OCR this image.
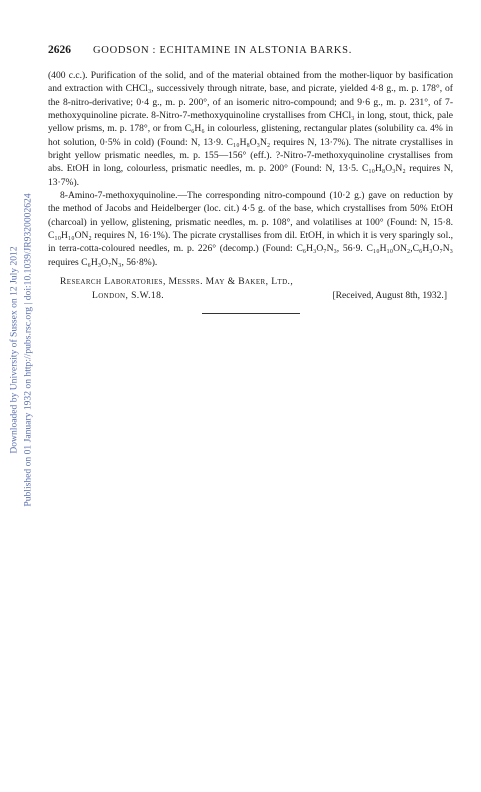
Downloaded by University of Sussex on 12 July 2012 Published on 01 January 1932 on http://pubs.rsc.org | doi:10.1039/JR9320002624
2626 GOODSON : ECHITAMINE IN ALSTONIA BARKS.

(400 c.c.). Purification of the solid, and of the material obtained from the mother-liquor by basification and extraction with CHCl₃, successively through nitrate, base, and picrate, yielded 4·8 g., m. p. 178°, of the 8-nitro-derivative; 0·4 g., m. p. 200°, of an isomeric nitro-compound; and 9·6 g., m. p. 231°, of 7-methoxyquinoline picrate. 8-Nitro-7-methoxyquinoline crystallises from CHCl₃ in long, stout, thick, pale yellow prisms, m. p. 178°, or from C₆H₆ in colourless, glistening, rectangular plates (solubility ca. 4% in hot solution, 0·5% in cold) (Found: N, 13·9. C₁₀H₈O₃N₂ requires N, 13·7%). The nitrate crystallises in bright yellow prismatic needles, m. p. 155—156° (eff.). ?-Nitro-7-methoxyquinoline crystallises from abs. EtOH in long, colourless, prismatic needles, m. p. 200° (Found: N, 13·5. C₁₀H₈O₃N₂ requires N, 13·7%).

8-Amino-7-methoxyquinoline.—The corresponding nitro-compound (10·2 g.) gave on reduction by the method of Jacobs and Heidelberger (loc. cit.) 4·5 g. of the base, which crystallises from 50% EtOH (charcoal) in yellow, glistening, prismatic needles, m. p. 108°, and volatilises at 100° (Found: N, 15·8. C₁₀H₁₀ON₂ requires N, 16·1%). The picrate crystallises from dil. EtOH, in which it is very sparingly sol., in terra-cotta-coloured needles, m. p. 226° (decomp.) (Found: C₆H₃O₇N₃, 56·9. C₁₀H₁₀ON₂,C₆H₃O₇N₃ requires C₆H₃O₇N₃, 56·8%).

Research Laboratories, Messrs. May & Baker, Ltd.,
London, S.W.18.	[Received, August 8th, 1932.]
